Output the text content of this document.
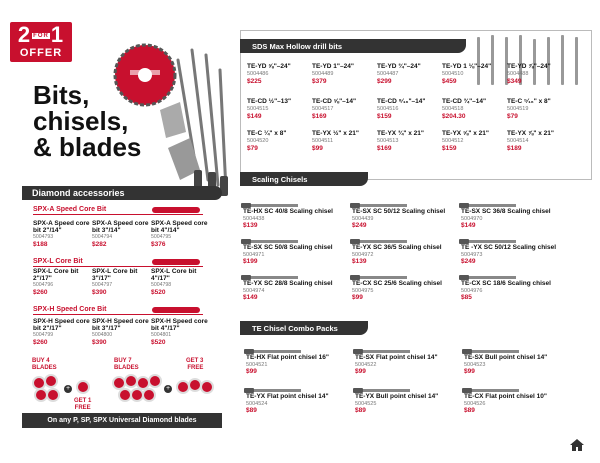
2 FOR1
OFFER
Bits,
chisels,
& blades
Diamond accessories
SPX-A Speed Core Bit
SPX-A Speed core bit 2"/14"
5004793
$188
SPX-A Speed core bit 3"/14"
5004794
$282
SPX-A Speed core bit 4"/14"
5004795
$376
SPX-L Core Bit
SPX-L Core bit 2"/17"
5004796
$260
SPX-L Core bit 3"/17"
5004797
$390
SPX-L Core bit 4"/17"
5004798
$520
SPX-H Speed Core Bit
SPX-H Speed core bit 2"/17"
5004799
$260
SPX-H Speed core bit 3"/17"
5004800
$390
SPX-H Speed core bit 4"/17"
5004801
$520
BUY 4
BLADES
+
GET 1
FREE
BUY 7
BLADES
+
GET 3
FREE
On any P, SP, SPX Universal Diamond blades
SDS Max Hollow drill bits
TE-YD ⅝"–24"
5004486
$225
TE-YD 1"–24"
5004489
$379
TE-YD ¾"–24"
5004487
$299
TE-YD 1 ⅛"–24"
5004510
$459
TE-YD ⅞"–24"
5004488
$349
TE-CD ½"–13"
5004515
$149
TE-CD ⅝"–14"
5004517
$169
TE-CD ⁹⁄₁₆"–14"
5004516
$159
TE-CD ¾"–14"
5004518
$204.30
TE-C ⁵⁄₁₆" x 8"
5004519
$79
TE-C ¼" x 8"
5004520
$79
TE-YX ½" x 21"
5004511
$99
TE-YX ¾" x 21"
5004513
$169
TE-YX ⅝" x 21"
5004512
$159
TE-YX ⅞" x 21"
5004514
$189
Scaling Chisels
TE-HX SC 40/8 Scaling chisel
5004438
$139
TE-SX SC 50/12 Scaling chisel
5004439
$249
TE-SX SC 36/8 Scaling chisel
5004970
$149
TE-SX SC 50/8 Scaling chisel
5004971
$199
TE-YX SC 36/5 Scaling chisel
5004972
$139
TE -YX SC 50/12 Scaling chisel
5004973
$249
TE-YX SC 28/8 Scaling chisel
5004974
$149
TE-CX SC 25/6 Scaling chisel
5004975
$99
TE-CX SC 18/6 Scaling chisel
5004976
$85
TE Chisel Combo Packs
TE-HX Flat point chisel 16"
5004521
$99
TE-SX Flat point chisel 14"
5004522
$99
TE-SX Bull point chisel 14"
5004523
$99
TE-YX Flat point chisel 14"
5004524
$89
TE-YX Bull point chisel 14"
5004525
$89
TE-CX Flat point chisel 10"
5004526
$89
